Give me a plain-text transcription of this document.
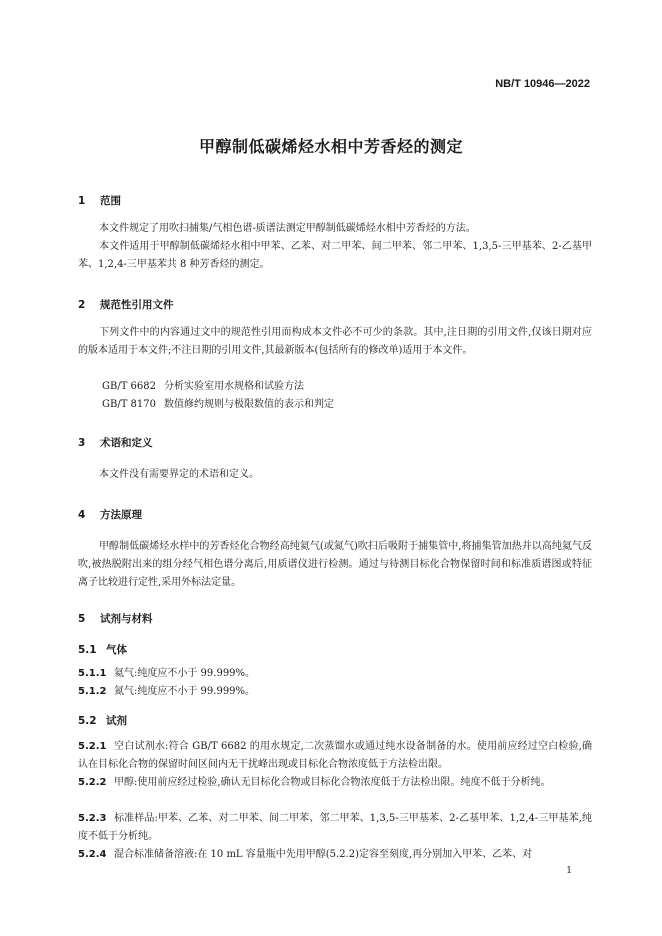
NB/T 10946—2022
甲醇制低碳烯烃水相中芳香烃的测定
1 范围
本文件规定了用吹扫捕集/气相色谱-质谱法测定甲醇制低碳烯烃水相中芳香烃的方法。
本文件适用于甲醇制低碳烯烃水相中甲苯、乙苯、对二甲苯、间二甲苯、邻二甲苯、1,3,5-三甲基苯、2-乙基甲苯、1,2,4-三甲基苯共 8 种芳香烃的测定。
2 规范性引用文件
下列文件中的内容通过文中的规范性引用而构成本文件必不可少的条款。其中,注日期的引用文件,仅该日期对应的版本适用于本文件;不注日期的引用文件,其最新版本(包括所有的修改单)适用于本文件。
GB/T 6682 分析实验室用水规格和试验方法
GB/T 8170 数值修约规则与极限数值的表示和判定
3 术语和定义
本文件没有需要界定的术语和定义。
4 方法原理
甲醇制低碳烯烃水样中的芳香烃化合物经高纯氦气(或氮气)吹扫后吸附于捕集管中,将捕集管加热并以高纯氦气反吹,被热脱附出来的组分经气相色谱分离后,用质谱仪进行检测。通过与待测目标化合物保留时间和标准质谱图或特征离子比较进行定性,采用外标法定量。
5 试剂与材料
5.1 气体
5.1.1 氦气:纯度应不小于 99.999%。
5.1.2 氮气:纯度应不小于 99.999%。
5.2 试剂
5.2.1 空白试剂水:符合 GB/T 6682 的用水规定,二次蒸馏水或通过纯水设备制备的水。使用前应经过空白检验,确认在目标化合物的保留时间区间内无干扰峰出现或目标化合物浓度低于方法检出限。
5.2.2 甲醇:使用前应经过检验,确认无目标化合物或目标化合物浓度低于方法检出限。纯度不低于分析纯。
5.2.3 标准样品:甲苯、乙苯、对二甲苯、间二甲苯、邻二甲苯、1,3,5-三甲基苯、2-乙基甲苯、1,2,4-三甲基苯,纯度不低于分析纯。
5.2.4 混合标准储备溶液:在 10 mL 容量瓶中先用甲醇(5.2.2)定容至刻度,再分别加入甲苯、乙苯、对
1
